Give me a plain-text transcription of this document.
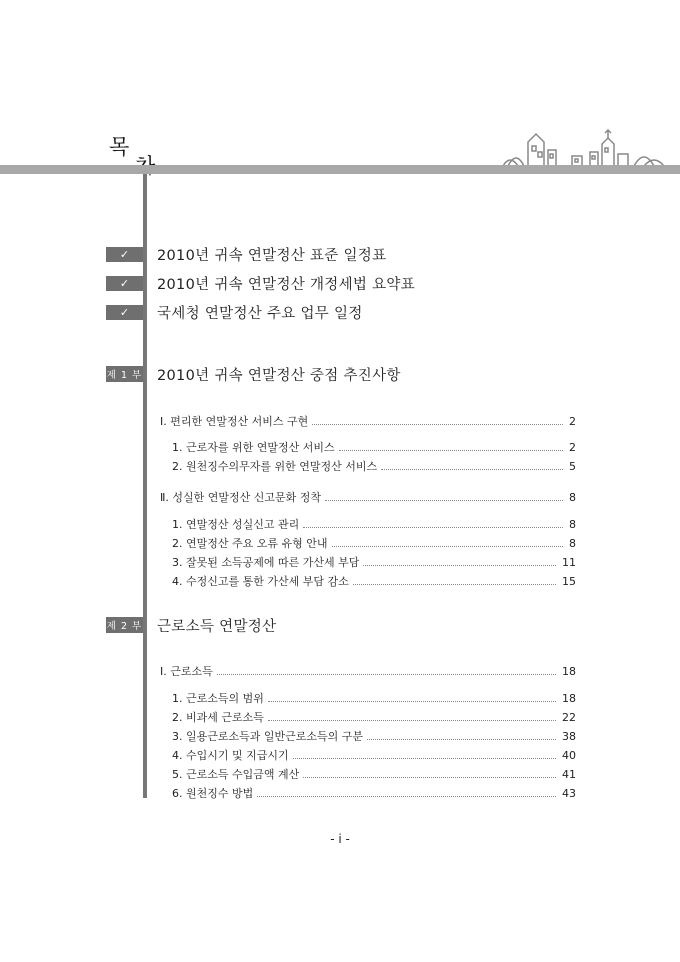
목
✓	2010년 귀속 연말정산 표준 일정표
✓	2010년 귀속 연말정산 개정세법 요약표
✓	국세청 연말정산 주요 업무 일정
제 1 부 2010년 귀속 연말정산 중점 추진사항
Ⅰ. 편리한 연말정산 서비스 구현	2
1. 근로자를 위한 연말정산 서비스	2
2. 원천징수의무자를 위한 연말정산 서비스	5
Ⅱ. 성실한 연말정산 신고문화 정착	8
1. 연말정산 성실신고 관리	8
2. 연말정산 주요 오류 유형 안내	8
3. 잘못된 소득공제에 따른 가산세 부담	11
4. 수정신고를 통한 가산세 부담 감소	15
제 2 부 근로소득 연말정산
Ⅰ. 근로소득	18
1. 근로소득의 범위	18
2. 비과세 근로소득	22
3. 일용근로소득과 일반근로소득의 구분	38
4. 수입시기 및 지급시기	40
5. 근로소득 수입금액 계산	41
6. 원천징수 방법	43
- i -
